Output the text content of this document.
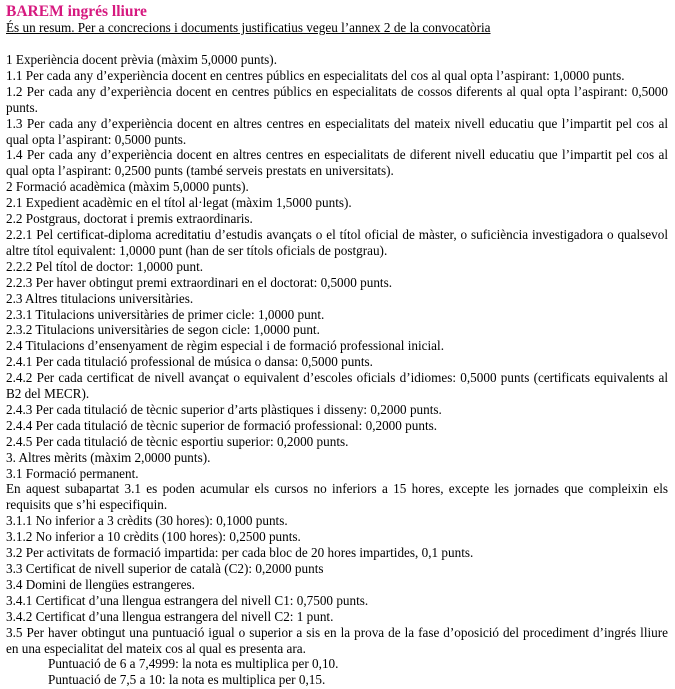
BAREM ingrés lliure

És un resum. Per a concrecions i documents justificatius vegeu l’annex 2 de la convocatòria

1 Experiència docent prèvia (màxim 5,0000 punts).

1.1 Per cada any d’experiència docent en centres públics en especialitats del cos al qual opta l’aspirant: 1,0000 punts.

1.2 Per cada any d’experiència docent en centres públics en especialitats de cossos diferents al qual opta l’aspirant: 0,5000 punts.

1.3 Per cada any d’experiència docent en altres centres en especialitats del mateix nivell educatiu que l’impartit pel cos al qual opta l’aspirant: 0,5000 punts.

1.4 Per cada any d’experiència docent en altres centres en especialitats de diferent nivell educatiu que l’impartit pel cos al qual opta l’aspirant: 0,2500 punts (també serveis prestats en universitats).

2 Formació acadèmica (màxim 5,0000 punts).

2.1 Expedient acadèmic en el títol al·legat (màxim 1,5000 punts).

2.2 Postgraus, doctorat i premis extraordinaris.

2.2.1 Pel certificat-diploma acreditatiu d’estudis avançats o el títol oficial de màster, o suficiència investigadora o qualsevol altre títol equivalent: 1,0000 punt (han de ser títols oficials de postgrau).

2.2.2 Pel títol de doctor: 1,0000 punt.

2.2.3 Per haver obtingut premi extraordinari en el doctorat: 0,5000 punts.

2.3 Altres titulacions universitàries.

2.3.1 Titulacions universitàries de primer cicle: 1,0000 punt.

2.3.2 Titulacions universitàries de segon cicle: 1,0000 punt.

2.4 Titulacions d’ensenyament de règim especial i de formació professional inicial.

2.4.1 Per cada titulació professional de música o dansa: 0,5000 punts.

2.4.2 Per cada certificat de nivell avançat o equivalent d’escoles oficials d’idiomes: 0,5000 punts (certificats equivalents al B2 del MECR).

2.4.3 Per cada titulació de tècnic superior d’arts plàstiques i disseny: 0,2000 punts.

2.4.4 Per cada titulació de tècnic superior de formació professional: 0,2000 punts.

2.4.5 Per cada titulació de tècnic esportiu superior: 0,2000 punts.

3. Altres mèrits (màxim 2,0000 punts).

3.1 Formació permanent.

En aquest subapartat 3.1 es poden acumular els cursos no inferiors a 15 hores, excepte les jornades que compleixin els requisits que s’hi especifiquin.

3.1.1 No inferior a 3 crèdits (30 hores): 0,1000 punts.

3.1.2 No inferior a 10 crèdits (100 hores): 0,2500 punts.

3.2 Per activitats de formació impartida: per cada bloc de 20 hores impartides, 0,1 punts.

3.3 Certificat de nivell superior de català (C2): 0,2000 punts

3.4 Domini de llengües estrangeres.

3.4.1 Certificat d’una llengua estrangera del nivell C1: 0,7500 punts.

3.4.2 Certificat d’una llengua estrangera del nivell C2: 1 punt.

3.5 Per haver obtingut una puntuació igual o superior a sis en la prova de la fase d’oposició del procediment d’ingrés lliure en una especialitat del mateix cos al qual es presenta ara.

Puntuació de 6 a 7,4999: la nota es multiplica per 0,10.

Puntuació de 7,5 a 10: la nota es multiplica per 0,15.
